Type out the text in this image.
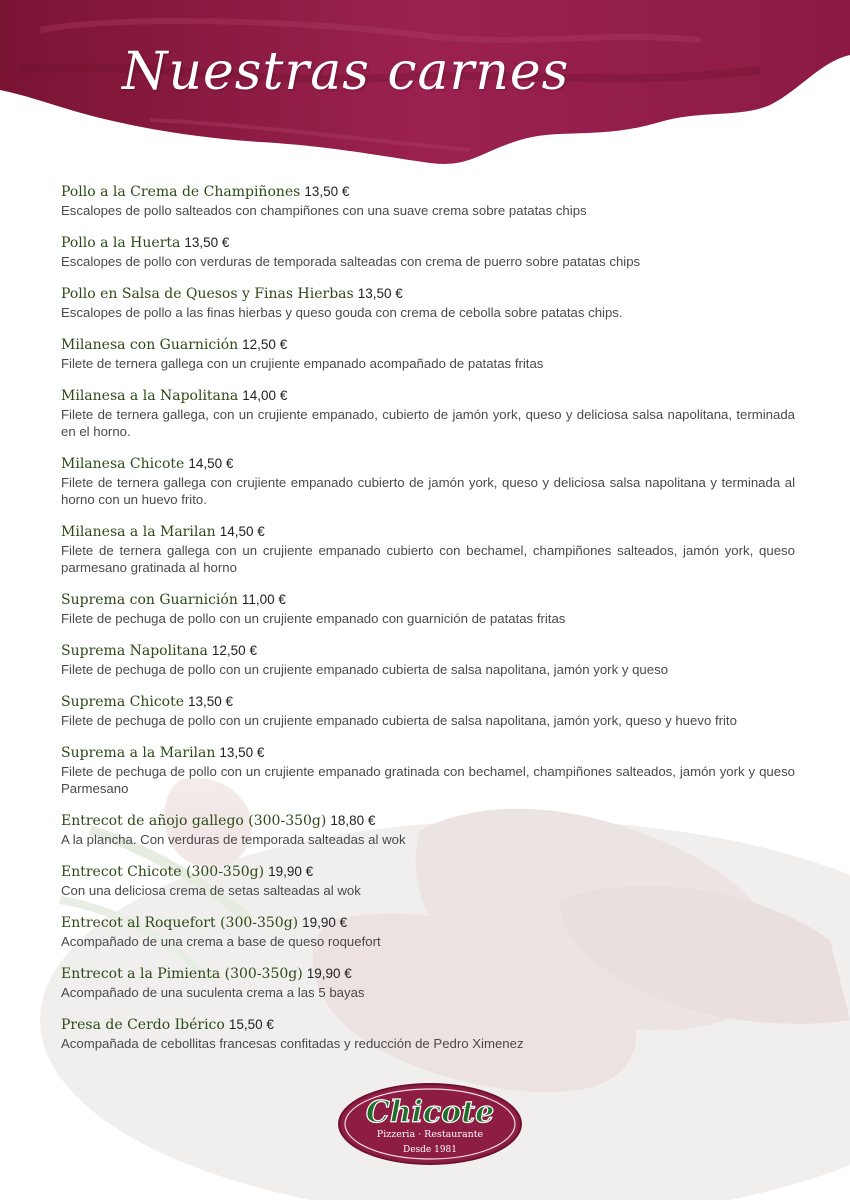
Nuestras carnes
Pollo a la Crema de Champiñones 13,50 €
Escalopes de pollo salteados con champiñones con una suave crema sobre patatas chips
Pollo a la Huerta 13,50 €
Escalopes de pollo con verduras de temporada salteadas con crema de puerro sobre patatas chips
Pollo en Salsa de Quesos y Finas Hierbas 13,50 €
Escalopes de pollo a las finas hierbas y queso gouda con crema de cebolla sobre patatas chips.
Milanesa con Guarnición 12,50 €
Filete de ternera gallega con un crujiente empanado acompañado de patatas fritas
Milanesa a la Napolitana 14,00 €
Filete de ternera gallega, con un crujiente empanado, cubierto de jamón york, queso y deliciosa salsa napolitana, terminada en el horno.
Milanesa Chicote 14,50 €
Filete de ternera gallega con crujiente empanado cubierto de jamón york, queso y deliciosa salsa napolitana y terminada al horno con un huevo frito.
Milanesa a la Marilan 14,50 €
Filete de ternera gallega con un crujiente empanado cubierto con bechamel, champiñones salteados, jamón york, queso parmesano gratinada al horno
Suprema con Guarnición 11,00 €
Filete de pechuga de pollo con un crujiente empanado con guarnición de patatas fritas
Suprema Napolitana 12,50 €
Filete de pechuga de pollo con un crujiente empanado cubierta de salsa napolitana, jamón york y queso
Suprema Chicote 13,50 €
Filete de pechuga de pollo con un crujiente empanado cubierta de salsa napolitana, jamón york, queso y huevo frito
Suprema a la Marilan 13,50 €
Filete de pechuga de pollo con un crujiente empanado gratinada con bechamel, champiñones salteados, jamón york y queso Parmesano
Entrecot de añojo gallego (300-350g) 18,80 €
A la plancha. Con verduras de temporada salteadas al wok
Entrecot Chicote (300-350g) 19,90 €
Con una deliciosa crema de setas salteadas al wok
Entrecot al Roquefort (300-350g) 19,90 €
Acompañado de una crema a base de queso roquefort
Entrecot a la Pimienta (300-350g) 19,90 €
Acompañado de una suculenta crema a las 5 bayas
Presa de Cerdo Ibérico 15,50 €
Acompañada de cebollitas francesas confitadas y reducción de Pedro Ximenez
Chicote
Pizzeria · Restaurante
Desde 1981
